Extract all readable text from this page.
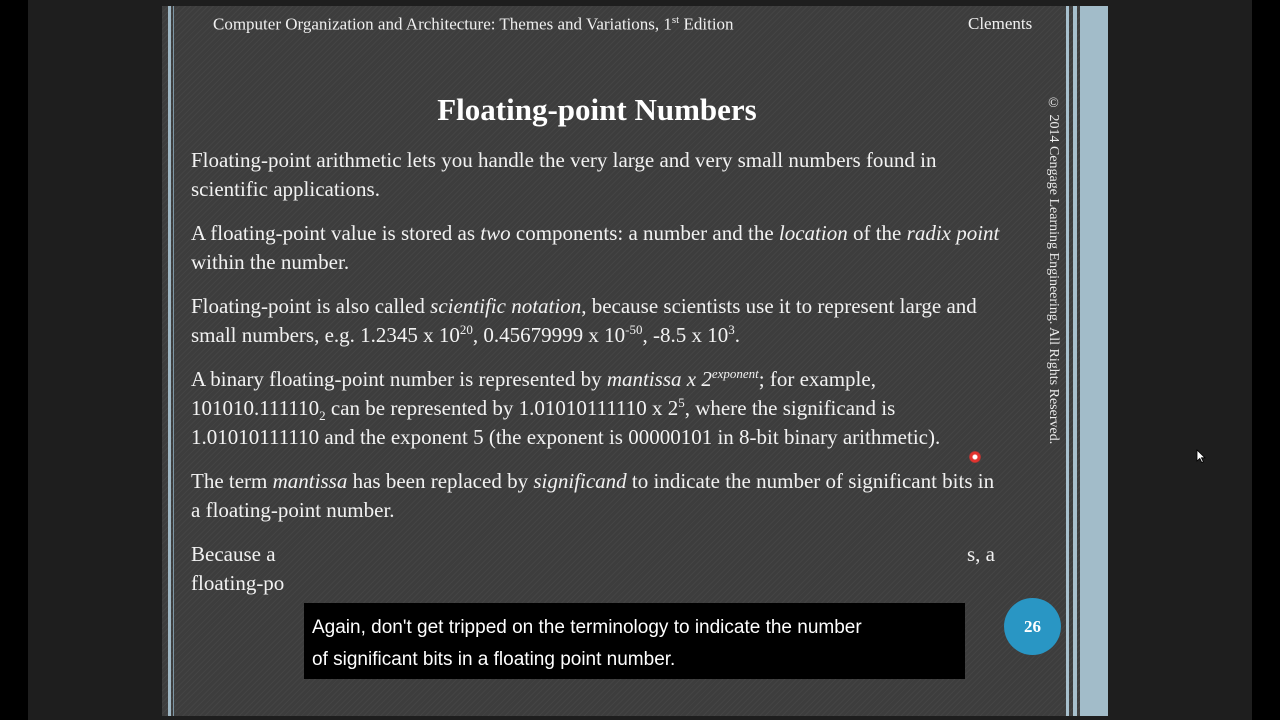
Computer Organization and Architecture: Themes and Variations, 1st Edition	Clements
© 2014 Cengage Learning Engineering. All Rights Reserved.
Floating-point Numbers

Floating-point arithmetic lets you handle the very large and very small numbers found in scientific applications.

A floating-point value is stored as two components: a number and the location of the radix point within the number.

Floating-point is also called scientific notation, because scientists use it to represent large and small numbers, e.g. 1.2345 x $10^{20}$, 0.45679999 x $10^{-50}$, -8.5 x $10^3$.

A binary floating-point number is represented by mantissa x $2^{exponent}$; for example, $101010.111110_2$ can be represented by 1.01010111110 x $2^5$, where the significand is 1.01010111110 and the exponent 5 (the exponent is 00000101 in 8-bit binary arithmetic).

The term mantissa has been replaced by significand to indicate the number of significant bits in a floating-point number.

Because a	s, a

floating-po

26
Again, don't get tripped on the terminology to indicate the number
of significant bits in a floating point number.
